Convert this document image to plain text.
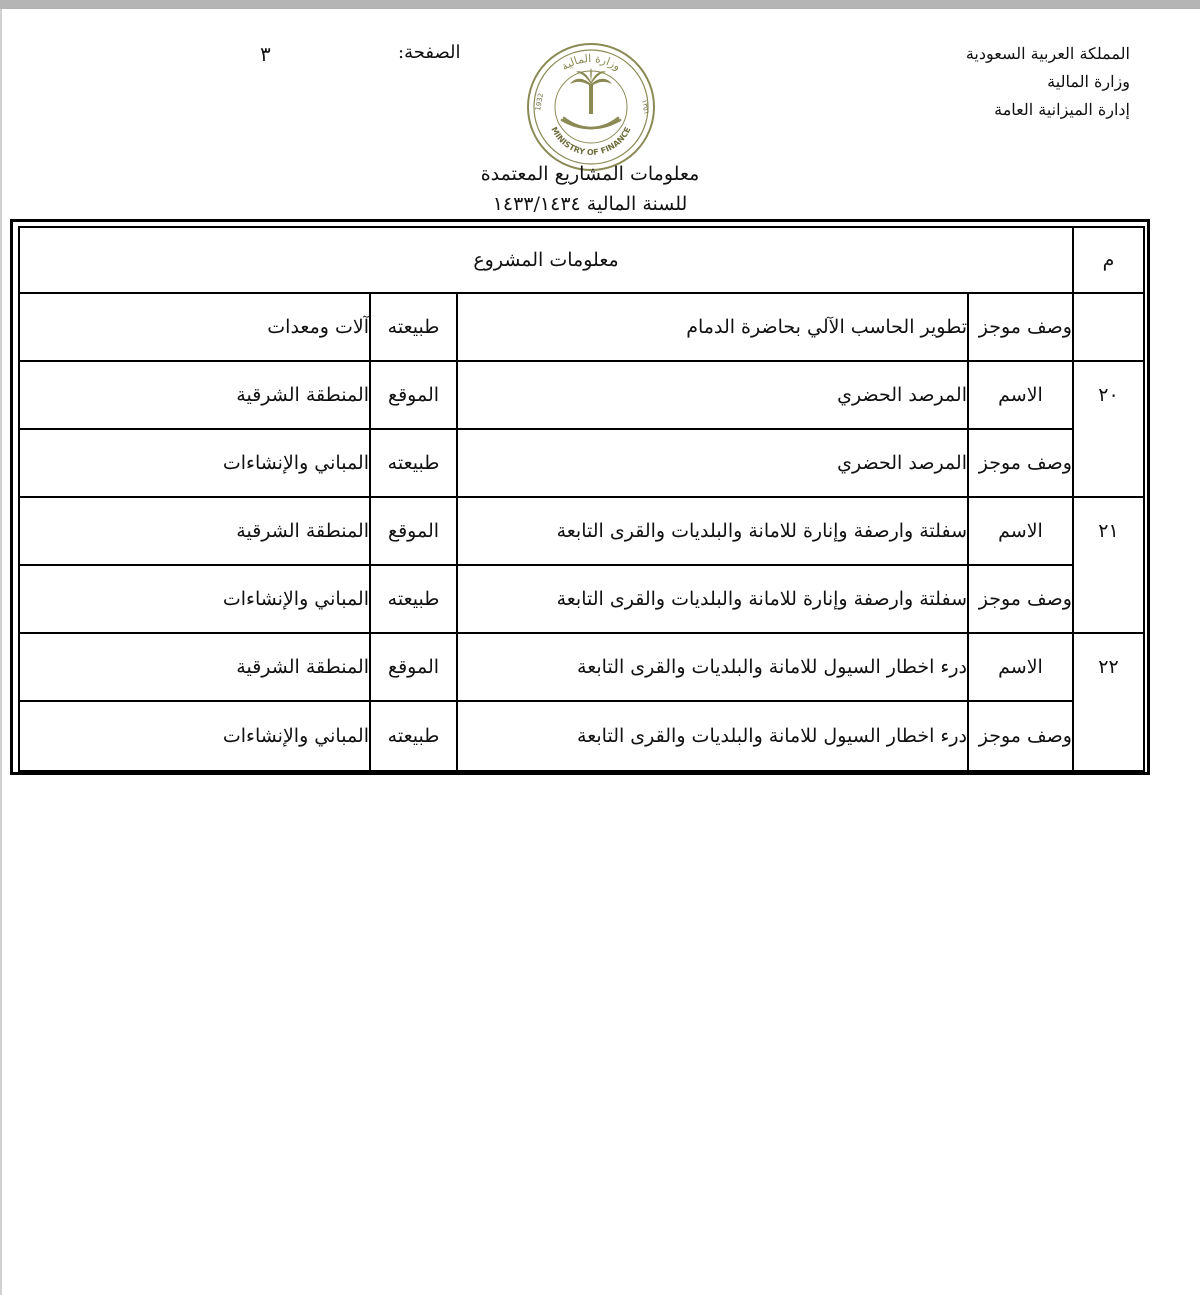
المملكة العربية السعودية
وزارة المالية
إدارة الميزانية العامة
الصفحة:
٣
وزارة المالية
MINISTRY OF FINANCE
1932	١٣٥١
معلومات المشاريع المعتمدة
للسنة المالية ١٤٣٣/١٤٣٤
م
معلومات المشروع
وصف موجز
تطوير الحاسب الآلي بحاضرة الدمام
طبيعته
آلات ومعدات
٢٠
الاسم
المرصد الحضري
الموقع
المنطقة الشرقية
وصف موجز
المرصد الحضري
طبيعته
المباني والإنشاءات
٢١
الاسم
سفلتة وارصفة وإنارة للامانة والبلديات والقرى التابعة
الموقع
المنطقة الشرقية
وصف موجز
سفلتة وارصفة وإنارة للامانة والبلديات والقرى التابعة
طبيعته
المباني والإنشاءات
٢٢
الاسم
درء اخطار السيول للامانة والبلديات والقرى التابعة
الموقع
المنطقة الشرقية
وصف موجز
درء اخطار السيول للامانة والبلديات والقرى التابعة
طبيعته
المباني والإنشاءات
